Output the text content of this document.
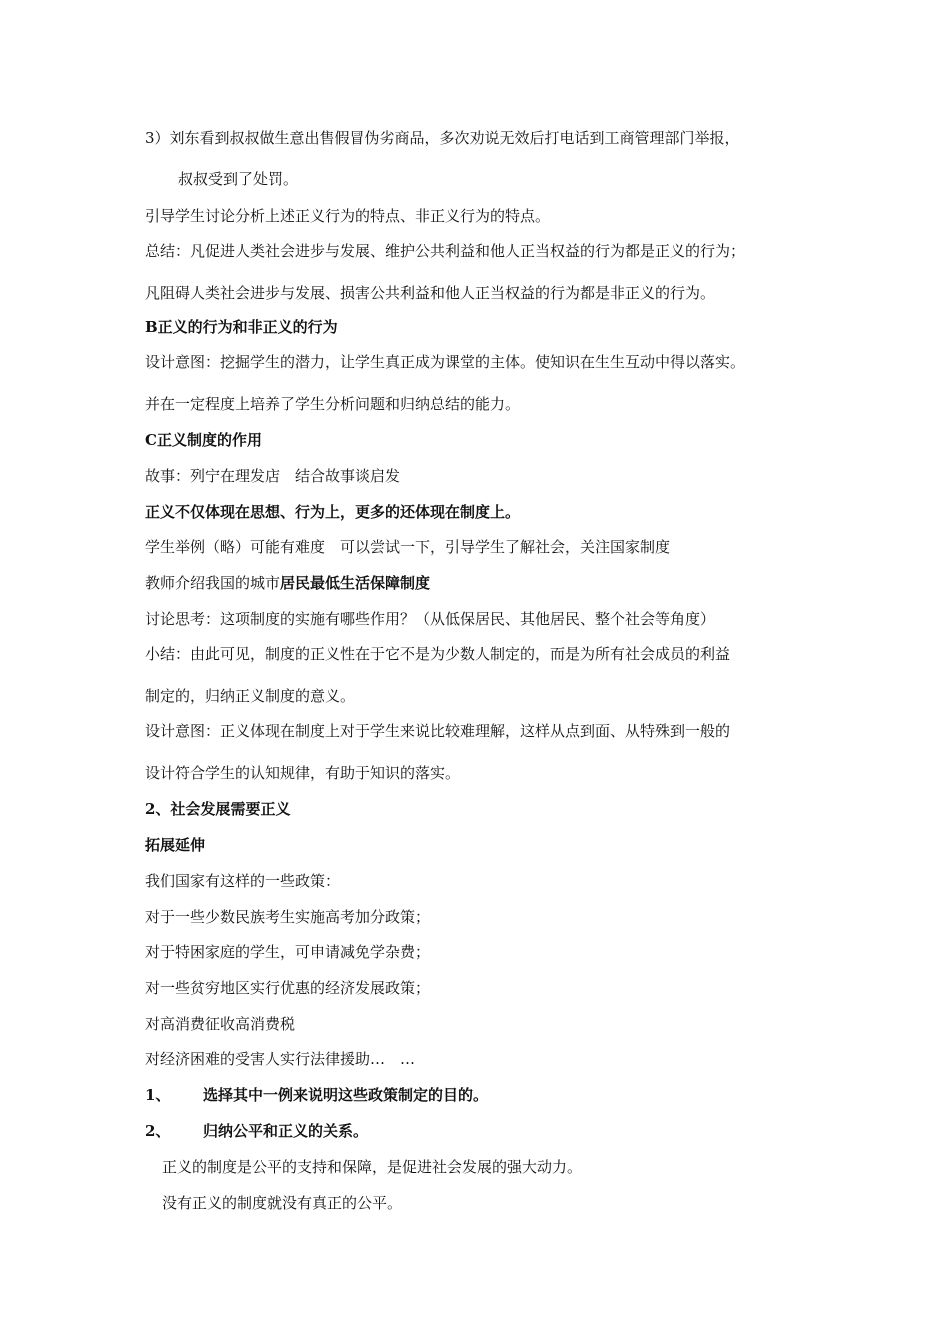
3）刘东看到叔叔做生意出售假冒伪劣商品，多次劝说无效后打电话到工商管理部门举报，
叔叔受到了处罚。
引导学生讨论分析上述正义行为的特点、非正义行为的特点。
总结：凡促进人类社会进步与发展、维护公共利益和他人正当权益的行为都是正义的行为；
凡阻碍人类社会进步与发展、损害公共利益和他人正当权益的行为都是非正义的行为。
B正义的行为和非正义的行为
设计意图：挖掘学生的潜力，让学生真正成为课堂的主体。使知识在生生互动中得以落实。
并在一定程度上培养了学生分析问题和归纳总结的能力。
C正义制度的作用
故事：列宁在理发店　结合故事谈启发
正义不仅体现在思想、行为上，更多的还体现在制度上。
学生举例（略）可能有难度　可以尝试一下，引导学生了解社会，关注国家制度
教师介绍我国的城市居民最低生活保障制度
讨论思考：这项制度的实施有哪些作用？（从低保居民、其他居民、整个社会等角度）
小结：由此可见，制度的正义性在于它不是为少数人制定的，而是为所有社会成员的利益
制定的，归纳正义制度的意义。
设计意图：正义体现在制度上对于学生来说比较难理解，这样从点到面、从特殊到一般的
设计符合学生的认知规律，有助于知识的落实。
2、社会发展需要正义
拓展延伸
我们国家有这样的一些政策：
对于一些少数民族考生实施高考加分政策；
对于特困家庭的学生，可申请减免学杂费；
对一些贫穷地区实行优惠的经济发展政策；
对高消费征收高消费税
对经济困难的受害人实行法律援助…　…
1、 选择其中一例来说明这些政策制定的目的。
2、 归纳公平和正义的关系。
正义的制度是公平的支持和保障，是促进社会发展的强大动力。
没有正义的制度就没有真正的公平。
